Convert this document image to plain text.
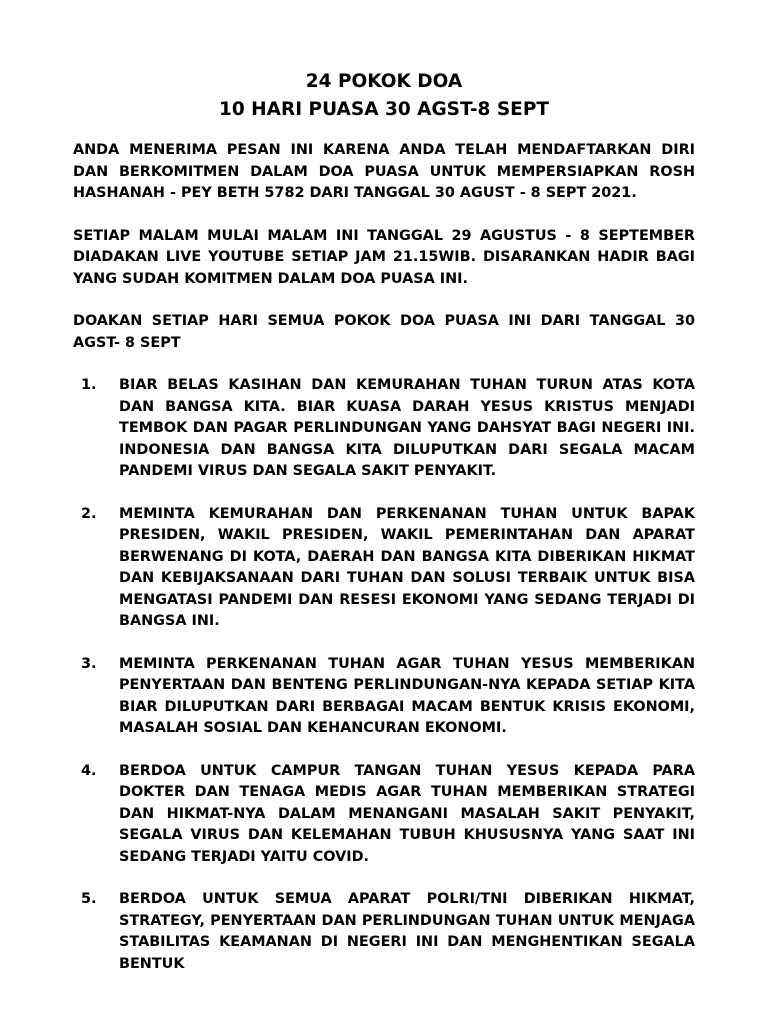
24 POKOK DOA

10 HARI PUASA 30 AGST-8 SEPT

ANDA MENERIMA PESAN INI KARENA ANDA TELAH MENDAFTARKAN DIRI DAN BERKOMITMEN DALAM DOA PUASA UNTUK MEMPERSIAPKAN ROSH HASHANAH - PEY BETH 5782 DARI TANGGAL 30 AGUST - 8 SEPT 2021.

SETIAP MALAM MULAI MALAM INI TANGGAL 29 AGUSTUS - 8 SEPTEMBER DIADAKAN LIVE YOUTUBE SETIAP JAM 21.15WIB. DISARANKAN HADIR BAGI YANG SUDAH KOMITMEN DALAM DOA PUASA INI.

DOAKAN SETIAP HARI SEMUA POKOK DOA PUASA INI DARI TANGGAL 30 AGST- 8 SEPT

1.	BIAR BELAS KASIHAN DAN KEMURAHAN TUHAN TURUN ATAS KOTA DAN BANGSA KITA. BIAR KUASA DARAH YESUS KRISTUS MENJADI TEMBOK DAN PAGAR PERLINDUNGAN YANG DAHSYAT BAGI NEGERI INI. INDONESIA DAN BANGSA KITA DILUPUTKAN DARI SEGALA MACAM PANDEMI VIRUS DAN SEGALA SAKIT PENYAKIT.
2.	MEMINTA KEMURAHAN DAN PERKENANAN TUHAN UNTUK BAPAK PRESIDEN, WAKIL PRESIDEN, WAKIL PEMERINTAHAN DAN APARAT BERWENANG DI KOTA, DAERAH DAN BANGSA KITA DIBERIKAN HIKMAT DAN KEBIJAKSANAAN DARI TUHAN DAN SOLUSI TERBAIK UNTUK BISA MENGATASI PANDEMI DAN RESESI EKONOMI YANG SEDANG TERJADI DI BANGSA INI.
3.	MEMINTA PERKENANAN TUHAN AGAR TUHAN YESUS MEMBERIKAN PENYERTAAN DAN BENTENG PERLINDUNGAN-NYA KEPADA SETIAP KITA BIAR DILUPUTKAN DARI BERBAGAI MACAM BENTUK KRISIS EKONOMI, MASALAH SOSIAL DAN KEHANCURAN EKONOMI.
4.	BERDOA UNTUK CAMPUR TANGAN TUHAN YESUS KEPADA PARA DOKTER DAN TENAGA MEDIS AGAR TUHAN MEMBERIKAN STRATEGI DAN HIKMAT-NYA DALAM MENANGANI MASALAH SAKIT PENYAKIT, SEGALA VIRUS DAN KELEMAHAN TUBUH KHUSUSNYA YANG SAAT INI SEDANG TERJADI YAITU COVID.
5.	BERDOA UNTUK SEMUA APARAT POLRI/TNI DIBERIKAN HIKMAT, STRATEGY, PENYERTAAN DAN PERLINDUNGAN TUHAN UNTUK MENJAGA STABILITAS KEAMANAN DI NEGERI INI DAN MENGHENTIKAN SEGALA BENTUK
